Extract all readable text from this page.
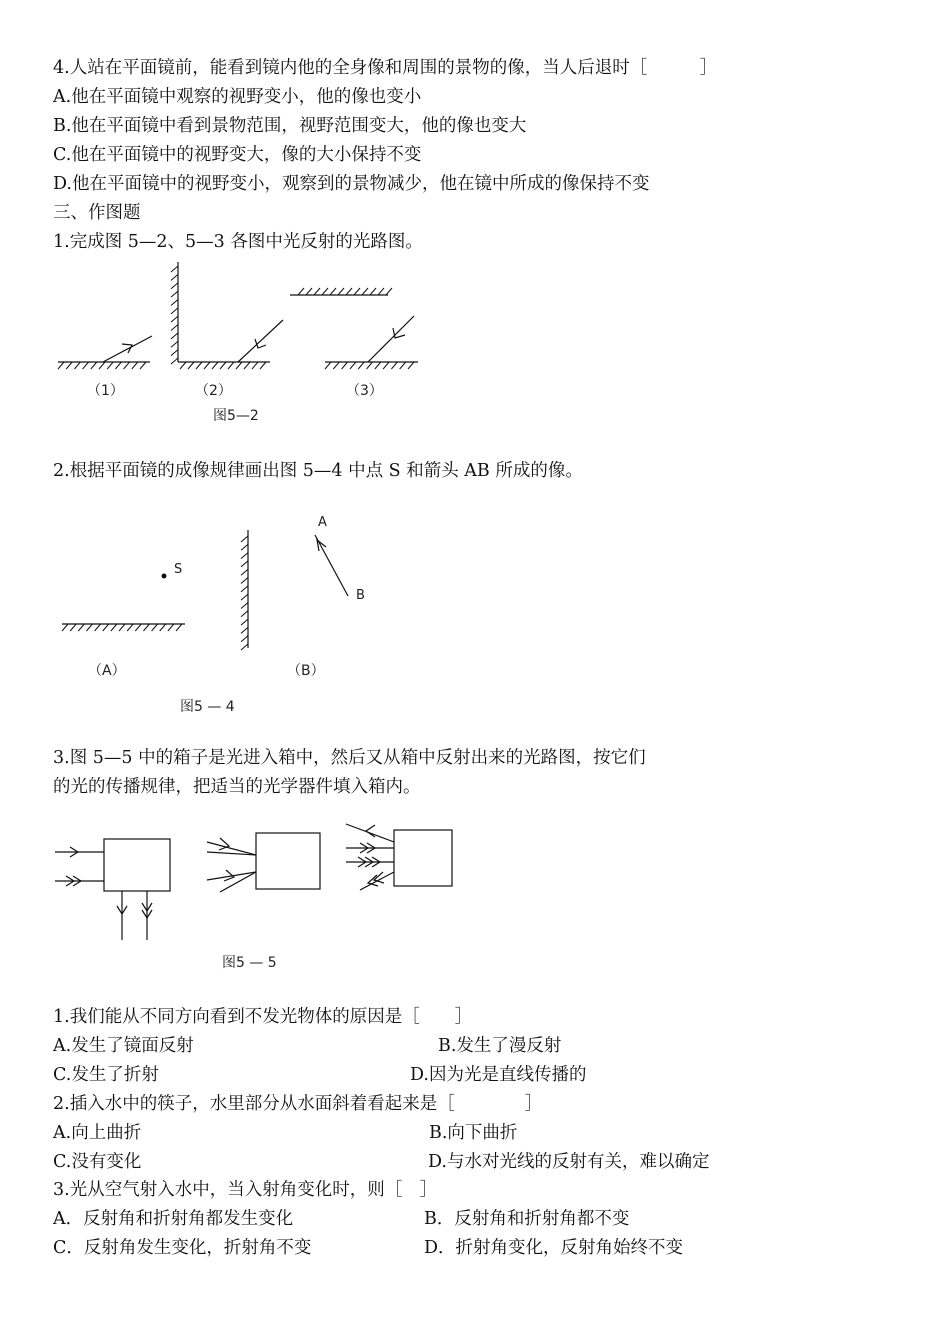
4.人站在平面镜前，能看到镜内他的全身像和周围的景物的像，当人后退时［　　　］
A.他在平面镜中观察的视野变小，他的像也变小
B.他在平面镜中看到景物范围，视野范围变大，他的像也变大
C.他在平面镜中的视野变大，像的大小保持不变
D.他在平面镜中的视野变小，观察到的景物减少，他在镜中所成的像保持不变
三、作图题
1.完成图 5—2、5—3 各图中光反射的光路图。
（1）	（2）	（3）
图5—2
2.根据平面镜的成像规律画出图 5—4 中点 S 和箭头 AB 所成的像。
S
A
B
（A）	（B）
图5 — 4
3.图 5—5 中的箱子是光进入箱中，然后又从箱中反射出来的光路图，按它们
的光的传播规律，把适当的光学器件填入箱内。
图5 — 5
1.我们能从不同方向看到不发光物体的原因是［　　］
A.发生了镜面反射	B.发生了漫反射
C.发生了折射	D.因为光是直线传播的
2.插入水中的筷子，水里部分从水面斜着看起来是［　　　　］
A.向上曲折	B.向下曲折
C.没有变化	D.与水对光线的反射有关，难以确定
3.光从空气射入水中，当入射角变化时，则［　］
A．反射角和折射角都发生变化	B．反射角和折射角都不变
C．反射角发生变化，折射角不变	D．折射角变化，反射角始终不变
